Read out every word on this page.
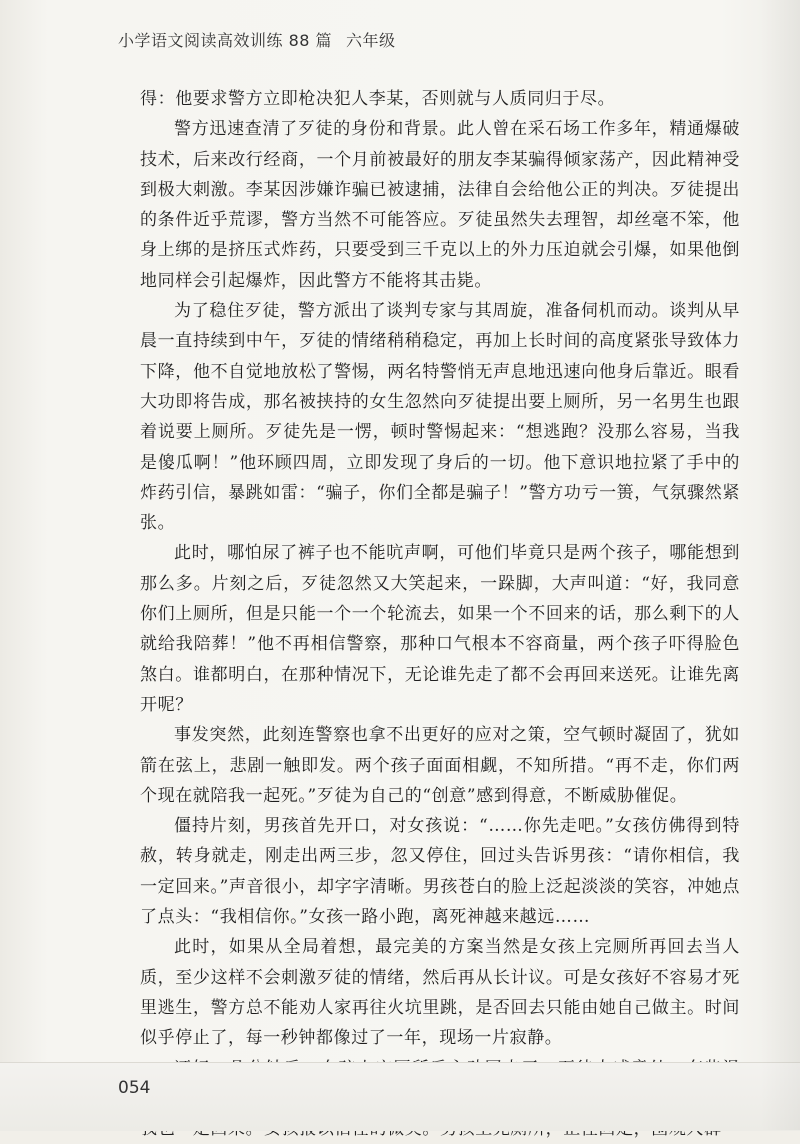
小学语文阅读高效训练 88 篇 六年级

得：他要求警方立即枪决犯人李某，否则就与人质同归于尽。

警方迅速查清了歹徒的身份和背景。此人曾在采石场工作多年，精通爆破技术，后来改行经商，一个月前被最好的朋友李某骗得倾家荡产，因此精神受到极大刺激。李某因涉嫌诈骗已被逮捕，法律自会给他公正的判决。歹徒提出的条件近乎荒谬，警方当然不可能答应。歹徒虽然失去理智，却丝毫不笨，他身上绑的是挤压式炸药，只要受到三千克以上的外力压迫就会引爆，如果他倒地同样会引起爆炸，因此警方不能将其击毙。

为了稳住歹徒，警方派出了谈判专家与其周旋，准备伺机而动。谈判从早晨一直持续到中午，歹徒的情绪稍稍稳定，再加上长时间的高度紧张导致体力下降，他不自觉地放松了警惕，两名特警悄无声息地迅速向他身后靠近。眼看大功即将告成，那名被挟持的女生忽然向歹徒提出要上厕所，另一名男生也跟着说要上厕所。歹徒先是一愣，顿时警惕起来：“想逃跑？没那么容易，当我是傻瓜啊！”他环顾四周，立即发现了身后的一切。他下意识地拉紧了手中的炸药引信，暴跳如雷：“骗子，你们全都是骗子！”警方功亏一篑，气氛骤然紧张。

此时，哪怕尿了裤子也不能吭声啊，可他们毕竟只是两个孩子，哪能想到那么多。片刻之后，歹徒忽然又大笑起来，一跺脚，大声叫道：“好，我同意你们上厕所，但是只能一个一个轮流去，如果一个不回来的话，那么剩下的人就给我陪葬！”他不再相信警察，那种口气根本不容商量，两个孩子吓得脸色煞白。谁都明白，在那种情况下，无论谁先走了都不会再回来送死。让谁先离开呢？

事发突然，此刻连警察也拿不出更好的应对之策，空气顿时凝固了，犹如箭在弦上，悲剧一触即发。两个孩子面面相觑，不知所措。“再不走，你们两个现在就陪我一起死。”歹徒为自己的“创意”感到得意，不断威胁催促。

僵持片刻，男孩首先开口，对女孩说：“……你先走吧。”女孩仿佛得到特赦，转身就走，刚走出两三步，忽又停住，回过头告诉男孩：“请你相信，我一定回来。”声音很小，却字字清晰。男孩苍白的脸上泛起淡淡的笑容，冲她点了点头：“我相信你。”女孩一路小跑，离死神越来越远……

此时，如果从全局着想，最完美的方案当然是女孩上完厕所再回去当人质，至少这样不会刺激歹徒的情绪，然后再从长计议。可是女孩好不容易才死里逃生，警方总不能劝人家再往火坑里跳，是否回去只能由她自己做主。时间似乎停止了，每一秒钟都像过了一年，现场一片寂静。

054
